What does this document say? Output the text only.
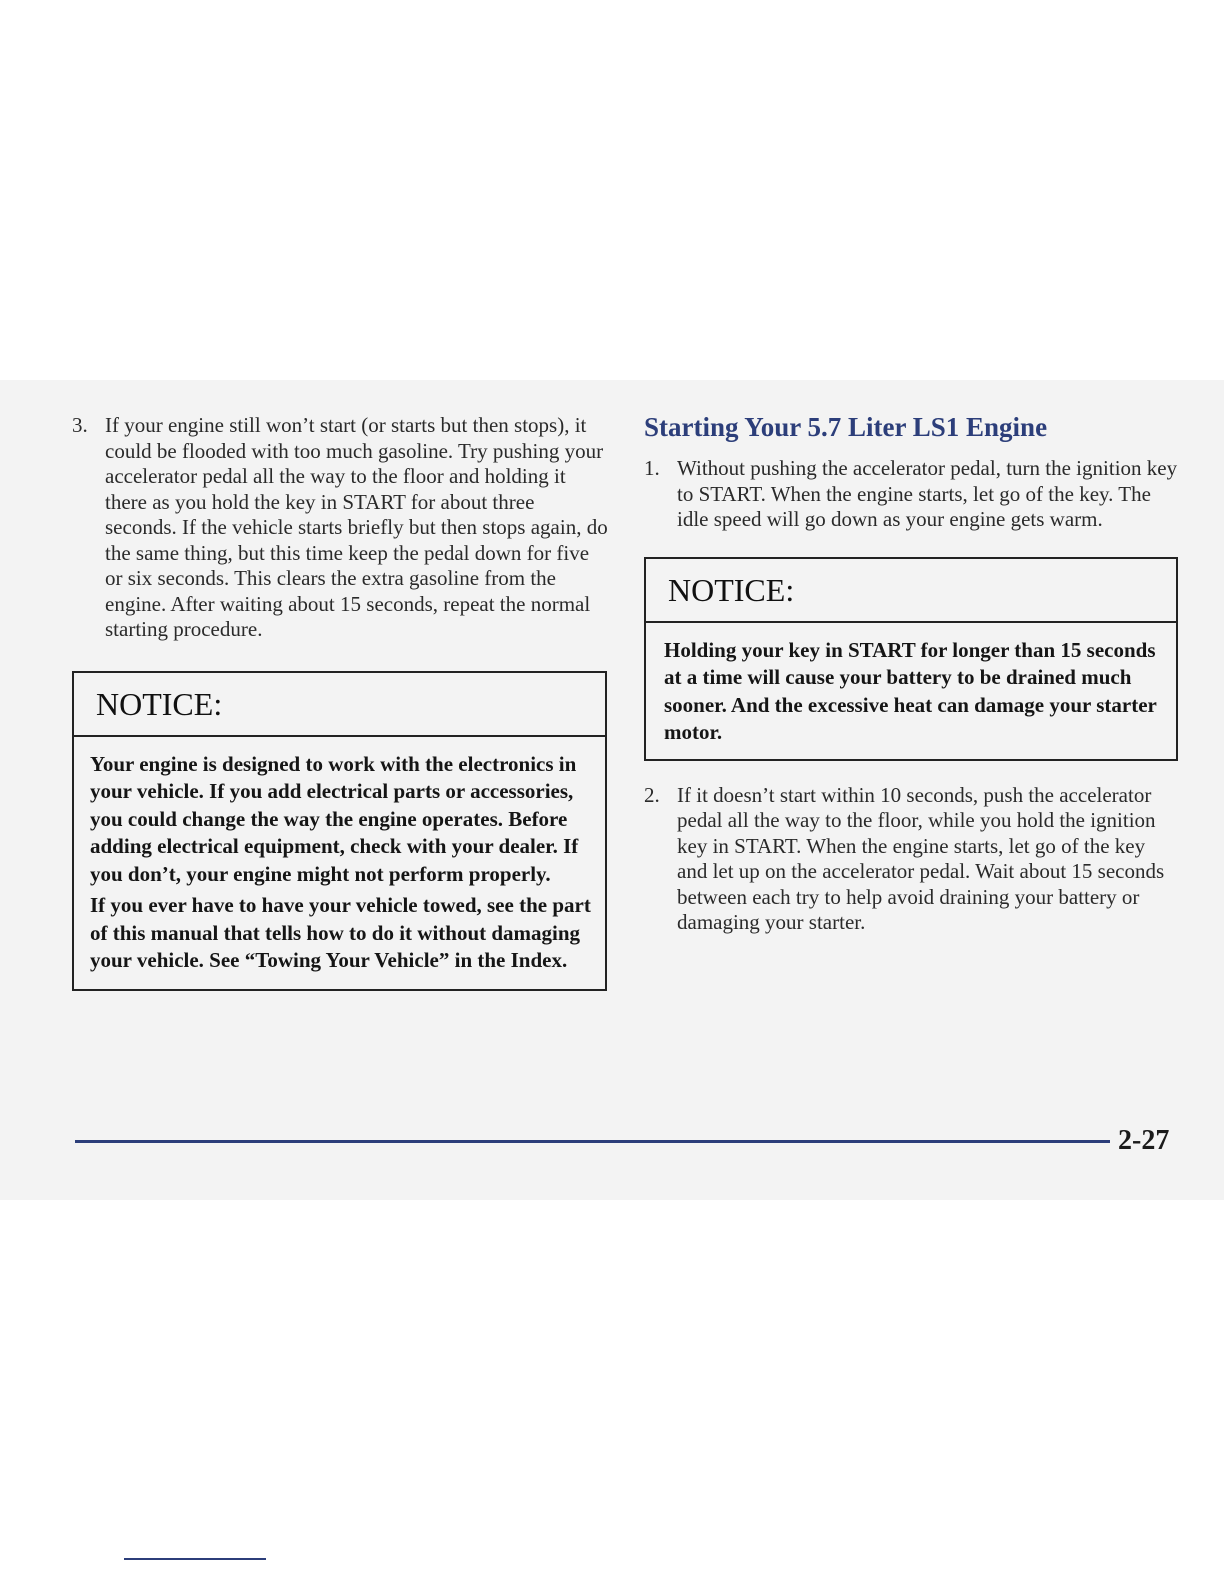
3. If your engine still won’t start (or starts but then stops), it could be flooded with too much gasoline. Try pushing your accelerator pedal all the way to the floor and holding it there as you hold the key in START for about three seconds. If the vehicle starts briefly but then stops again, do the same thing, but this time keep the pedal down for five or six seconds. This clears the extra gasoline from the engine. After waiting about 15 seconds, repeat the normal starting procedure.
NOTICE:

Your engine is designed to work with the electronics in your vehicle. If you add electrical parts or accessories, you could change the way the engine operates. Before adding electrical equipment, check with your dealer. If you don’t, your engine might not perform properly.

If you ever have to have your vehicle towed, see the part of this manual that tells how to do it without damaging your vehicle. See “Towing Your Vehicle” in the Index.

Starting Your 5.7 Liter LS1 Engine
1. Without pushing the accelerator pedal, turn the ignition key to START. When the engine starts, let go of the key. The idle speed will go down as your engine gets warm.
NOTICE:

Holding your key in START for longer than 15 seconds at a time will cause your battery to be drained much sooner. And the excessive heat can damage your starter motor.

2. If it doesn’t start within 10 seconds, push the accelerator pedal all the way to the floor, while you hold the ignition key in START. When the engine starts, let go of the key and let up on the accelerator pedal. Wait about 15 seconds between each try to help avoid draining your battery or damaging your starter.
2-27
